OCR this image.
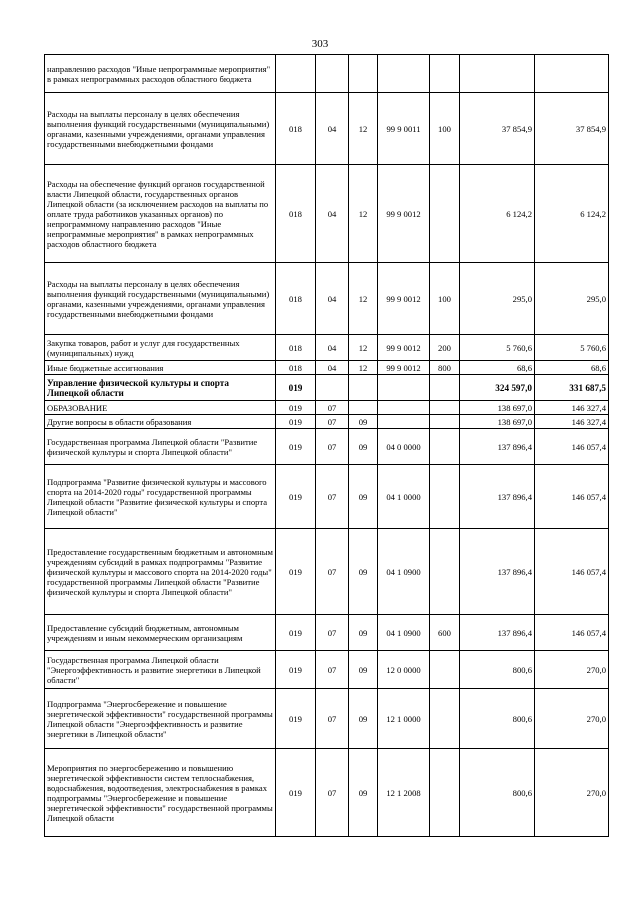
303
направлению расходов "Иные непрограммные мероприятия" в рамках непрограммных расходов областного бюджета							
Расходы на выплаты персоналу в целях обеспечения выполнения функций государственными (муниципальными) органами, казенными учреждениями, органами управления государственными внебюджетными фондами	018	04	12	99 9 0011	100	37 854,9	37 854,9
Расходы на обеспечение функций органов государственной власти Липецкой области, государственных органов Липецкой области (за исключением расходов на выплаты по оплате труда работников указанных органов) по непрограммному направлению расходов "Иные непрограммные мероприятия" в рамках непрограммных расходов областного бюджета	018	04	12	99 9 0012		6 124,2	6 124,2
Расходы на выплаты персоналу в целях обеспечения выполнения функций государственными (муниципальными) органами, казенными учреждениями, органами управления государственными внебюджетными фондами	018	04	12	99 9 0012	100	295,0	295,0
Закупка товаров, работ и услуг для государственных (муниципальных) нужд	018	04	12	99 9 0012	200	5 760,6	5 760,6
Иные бюджетные ассигнования	018	04	12	99 9 0012	800	68,6	68,6
Управление физической культуры и спорта Липецкой области	019					324 597,0	331 687,5
ОБРАЗОВАНИЕ	019	07				138 697,0	146 327,4
Другие вопросы в области образования	019	07	09			138 697,0	146 327,4
Государственная программа Липецкой области "Развитие физической культуры и спорта Липецкой области"	019	07	09	04 0 0000		137 896,4	146 057,4
Подпрограмма "Развитие физической культуры и массового спорта на 2014-2020 годы" государственной программы Липецкой области "Развитие физической культуры и спорта Липецкой области"	019	07	09	04 1 0000		137 896,4	146 057,4
Предоставление государственным бюджетным и автономным учреждениям субсидий в рамках подпрограммы "Развитие физической культуры и массового спорта на 2014-2020 годы" государственной программы Липецкой области "Развитие физической культуры и спорта Липецкой области"	019	07	09	04 1 0900		137 896,4	146 057,4
Предоставление субсидий бюджетным, автономным учреждениям и иным некоммерческим организациям	019	07	09	04 1 0900	600	137 896,4	146 057,4
Государственная программа Липецкой области "Энергоэффективность и развитие энергетики в Липецкой области"	019	07	09	12 0 0000		800,6	270,0
Подпрограмма "Энергосбережение и повышение энергетической эффективности" государственной программы Липецкой области "Энергоэффективность и развитие энергетики в Липецкой области"	019	07	09	12 1 0000		800,6	270,0
Мероприятия по энергосбережению и повышению энергетической эффективности систем теплоснабжения, водоснабжения, водоотведения, электроснабжения в рамках подпрограммы "Энергосбережение и повышение энергетической эффективности" государственной программы Липецкой области	019	07	09	12 1 2008		800,6	270,0
